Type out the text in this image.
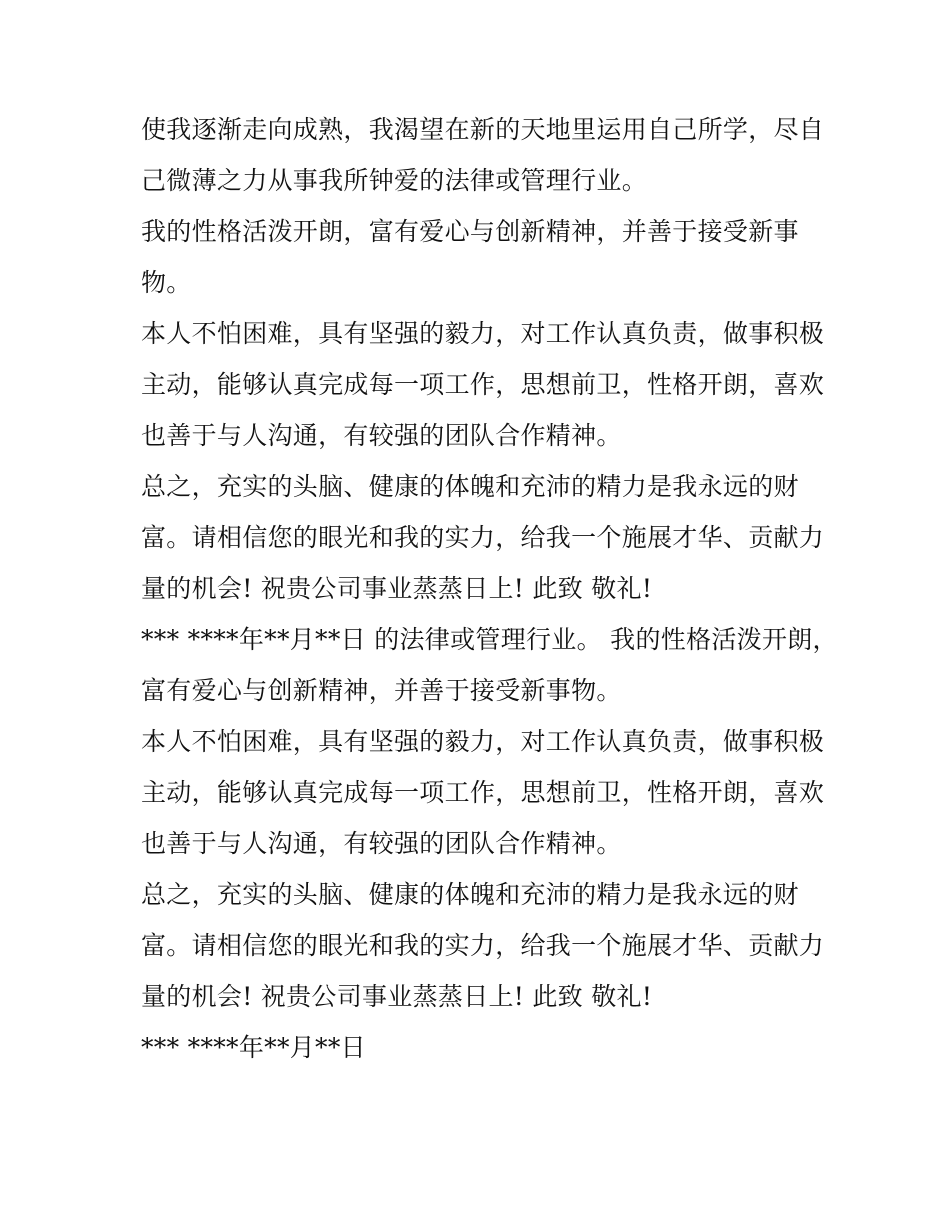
使我逐渐走向成熟，我渴望在新的天地里运用自己所学，尽自
己微薄之力从事我所钟爱的法律或管理行业。
我的性格活泼开朗，富有爱心与创新精神，并善于接受新事
物。
本人不怕困难，具有坚强的毅力，对工作认真负责，做事积极
主动，能够认真完成每一项工作，思想前卫，性格开朗，喜欢
也善于与人沟通，有较强的团队合作精神。
总之，充实的头脑、健康的体魄和充沛的精力是我永远的财
富。请相信您的眼光和我的实力，给我一个施展才华、贡献力
量的机会! 祝贵公司事业蒸蒸日上! 此致 敬礼!
*** ****年**月**日 的法律或管理行业。 我的性格活泼开朗，
富有爱心与创新精神，并善于接受新事物。
本人不怕困难，具有坚强的毅力，对工作认真负责，做事积极
主动，能够认真完成每一项工作，思想前卫，性格开朗，喜欢
也善于与人沟通，有较强的团队合作精神。
总之，充实的头脑、健康的体魄和充沛的精力是我永远的财
富。请相信您的眼光和我的实力，给我一个施展才华、贡献力
量的机会! 祝贵公司事业蒸蒸日上! 此致 敬礼!
*** ****年**月**日
